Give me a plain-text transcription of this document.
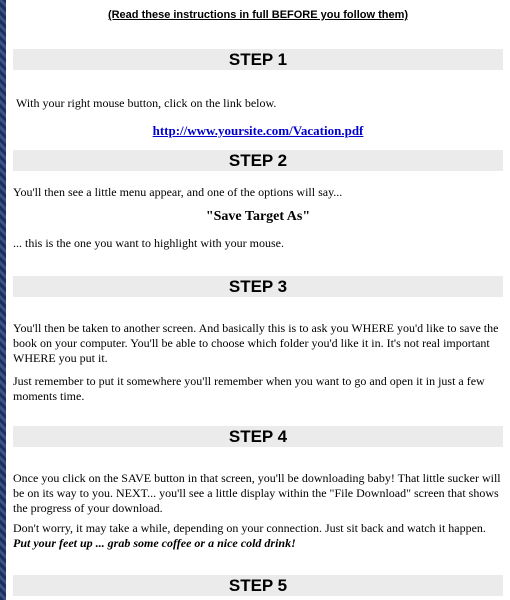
(Read these instructions in full BEFORE you follow them)
STEP 1

With your right mouse button, click on the link below.

http://www.yoursite.com/Vacation.pdf
STEP 2

You'll then see a little menu appear, and one of the options will say...

"Save Target As"

... this is the one you want to highlight with your mouse.

STEP 3

You'll then be taken to another screen. And basically this is to ask you WHERE you'd like to save the book on your computer. You'll be able to choose which folder you'd like it in. It's not real important WHERE you put it.

Just remember to put it somewhere you'll remember when you want to go and open it in just a few moments time.

STEP 4

Once you click on the SAVE button in that screen, you'll be downloading baby! That little sucker will be on its way to you. NEXT... you'll see a little display within the "File Download" screen that shows the progress of your download.

Don't worry, it may take a while, depending on your connection. Just sit back and watch it happen. Put your feet up ... grab some coffee or a nice cold drink!

STEP 5
